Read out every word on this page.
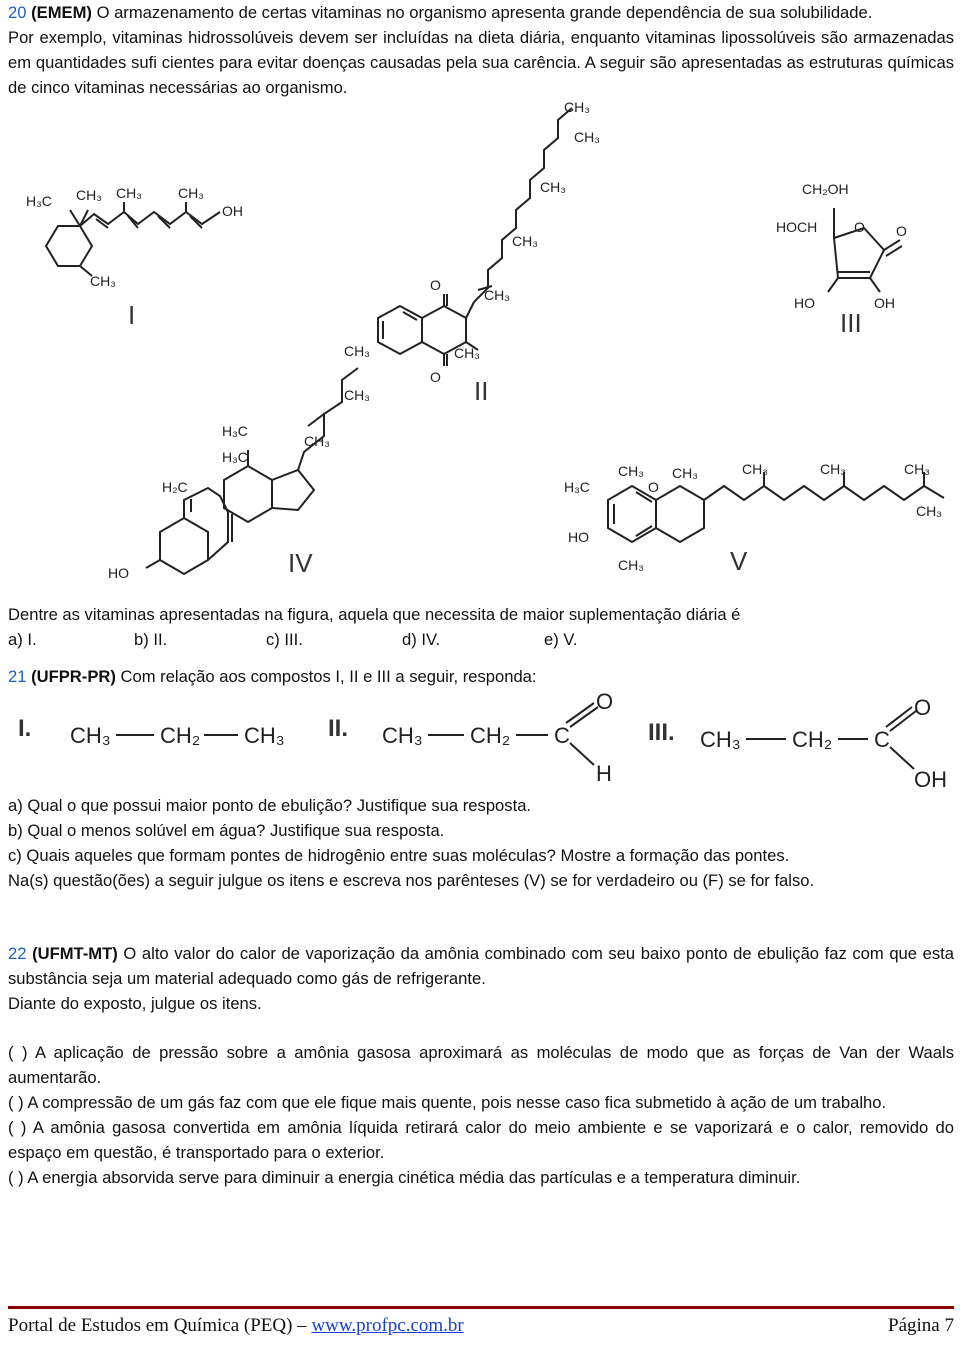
20 (EMEM) O armazenamento de certas vitaminas no organismo apresenta grande dependência de sua solubilidade.

Por exemplo, vitaminas hidrossolúveis devem ser incluídas na dieta diária, enquanto vitaminas lipossolúveis são armazenadas em quantidades sufi cientes para evitar doenças causadas pela sua carência. A seguir são apresentadas as estruturas químicas de cinco vitaminas necessárias ao organismo.

H₃C CH₃ CH₃	CH₃
OH
CH₃
CH₃
CH₃
CH₃
CH₃
CH₃
CH₃
O
O
CH₂OH
HOCH	O O
HO	OH
H₃C
H₃C
CH₃
CH₃
CH₃
H₂C
HO
H₃C
CH₃
O
CH₃	CH₃	CH₃	CH₃
CH₃
HO
CH₃
I
II
III
IV	V

Dentre as vitaminas apresentadas na figura, aquela que necessita de maior suplementação diária é

a) I.	b) II.	c) III.	d) IV.	e) V.

21 (UFPR-PR) Com relação aos compostos I, II e III a seguir, responda:

CH₃ CH₂ CH₃	CH₃ CH₂ C
O
H
CH₃ CH₂ C
O
OH
I.	II.	III.

a) Qual o que possui maior ponto de ebulição? Justifique sua resposta.

b) Qual o menos solúvel em água? Justifique sua resposta.

c) Quais aqueles que formam pontes de hidrogênio entre suas moléculas? Mostre a formação das pontes.

Na(s) questão(ões) a seguir julgue os itens e escreva nos parênteses (V) se for verdadeiro ou (F) se for falso.

22 (UFMT-MT) O alto valor do calor de vaporização da amônia combinado com seu baixo ponto de ebulição faz com que esta substância seja um material adequado como gás de refrigerante.

Diante do exposto, julgue os itens.

( ) A aplicação de pressão sobre a amônia gasosa aproximará as moléculas de modo que as forças de Van der Waals aumentarão.

( ) A compressão de um gás faz com que ele fique mais quente, pois nesse caso fica submetido à ação de um trabalho.

( ) A amônia gasosa convertida em amônia líquida retirará calor do meio ambiente e se vaporizará e o calor, removido do espaço em questão, é transportado para o exterior.

( ) A energia absorvida serve para diminuir a energia cinética média das partículas e a temperatura diminuir.

Portal de Estudos em Química (PEQ) – www.profpc.com.br	Página 7
